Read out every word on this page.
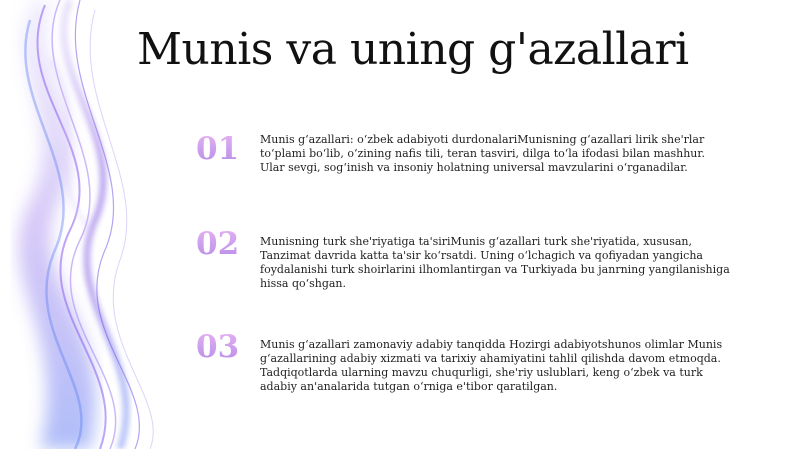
Munis va uning g'azallari
01	Munis gʻazallari: oʻzbek adabiyoti durdonalariMunisning gʻazallari lirik she'rlar toʻplami boʻlib, oʻzining nafis tili, teran tasviri, dilga toʻla ifodasi bilan mashhur. Ular sevgi, sogʻinish va insoniy holatning universal mavzularini oʻrganadilar.
02	Munisning turk she'riyatiga ta'siriMunis gʻazallari turk she'riyatida, xususan, Tanzimat davrida katta ta'sir koʻrsatdi. Uning oʻlchagich va qofiyadan yangicha foydalanishi turk shoirlarini ilhomlantirgan va Turkiyada bu janrning yangilanishiga hissa qoʻshgan.
03	Munis gʻazallari zamonaviy adabiy tanqidda Hozirgi adabiyotshunos olimlar Munis gʻazallarining adabiy xizmati va tarixiy ahamiyatini tahlil qilishda davom etmoqda. Tadqiqotlarda ularning mavzu chuqurligi, she'riy uslublari, keng oʻzbek va turk adabiy an'analarida tutgan oʻrniga e'tibor qaratilgan.
